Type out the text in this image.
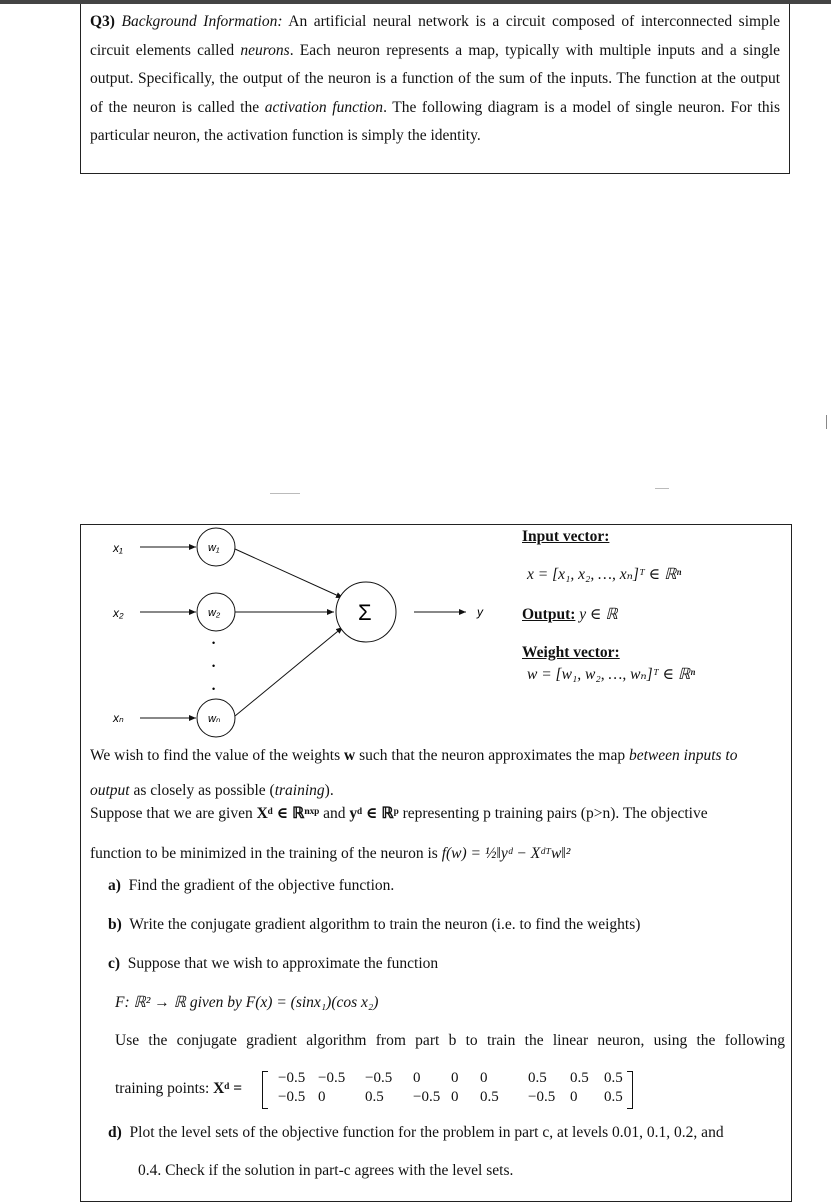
Q3) Background Information: An artificial neural network is a circuit composed of interconnected simple circuit elements called neurons. Each neuron represents a map, typically with multiple inputs and a single output. Specifically, the output of the neuron is a function of the sum of the inputs. The function at the output of the neuron is called the activation function. The following diagram is a model of single neuron. For this particular neuron, the activation function is simply the identity.

x₁
x₂
xₙ
w₁
w₂
wₙ
Σ	y
•
•
•
Input vector:
x = [x₁, x₂, …, xₙ]ᵀ ∈ ℝⁿ
Output: y ∈ ℝ
Weight vector:
w = [w₁, w₂, …, wₙ]ᵀ ∈ ℝⁿ
We wish to find the value of the weights w such that the neuron approximates the map between inputs to
output as closely as possible (training).
Suppose that we are given Xᵈ ∈ ℝⁿˣᵖ and yᵈ ∈ ℝᵖ representing p training pairs (p>n). The objective
function to be minimized in the training of the neuron is f(w) = ½‖yᵈ − Xᵈᵀw‖²
a) Find the gradient of the objective function.
b) Write the conjugate gradient algorithm to train the neuron (i.e. to find the weights)
c) Suppose that we wish to approximate the function
F: ℝ² → ℝ given by F(x) = (sinx₁)(cos x₂)
Use the conjugate gradient algorithm from part b to train the linear neuron, using the following
training points: Xᵈ =
−0.5 −0.5 −0.5 0 0 0	0.5 0.5 0.5
−0.5 0	0.5 −0.5 0 0.5 −0.5 0 0.5
d) Plot the level sets of the objective function for the problem in part c, at levels 0.01, 0.1, 0.2, and
0.4. Check if the solution in part-c agrees with the level sets.
